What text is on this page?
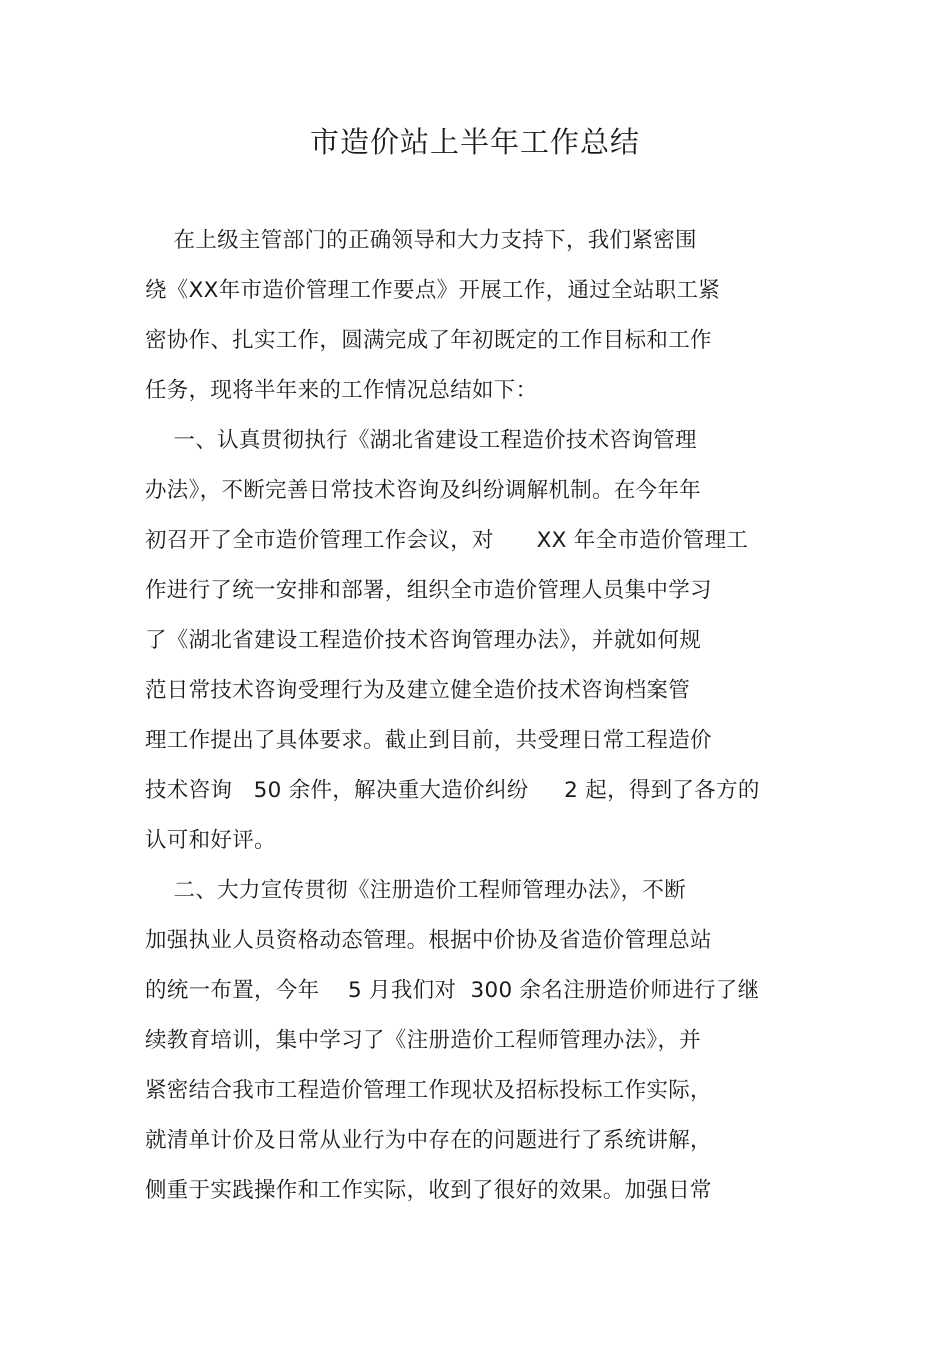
市造价站上半年工作总结
在上级主管部门的正确领导和大力支持下，我们紧密围
绕《XX年市造价管理工作要点》开展工作，通过全站职工紧
密协作、扎实工作，圆满完成了年初既定的工作目标和工作
任务，现将半年来的工作情况总结如下：
一、认真贯彻执行《湖北省建设工程造价技术咨询管理
办法》，不断完善日常技术咨询及纠纷调解机制。在今年年
初召开了全市造价管理工作会议，对      XX 年全市造价管理工
作进行了统一安排和部署，组织全市造价管理人员集中学习
了《湖北省建设工程造价技术咨询管理办法》，并就如何规
范日常技术咨询受理行为及建立健全造价技术咨询档案管
理工作提出了具体要求。截止到目前，共受理日常工程造价
技术咨询   50 余件，解决重大造价纠纷     2 起，得到了各方的
认可和好评。
二、大力宣传贯彻《注册造价工程师管理办法》，不断
加强执业人员资格动态管理。根据中价协及省造价管理总站
的统一布置，今年    5 月我们对  300 余名注册造价师进行了继
续教育培训，集中学习了《注册造价工程师管理办法》，并
紧密结合我市工程造价管理工作现状及招标投标工作实际，
就清单计价及日常从业行为中存在的问题进行了系统讲解，
侧重于实践操作和工作实际，收到了很好的效果。加强日常
